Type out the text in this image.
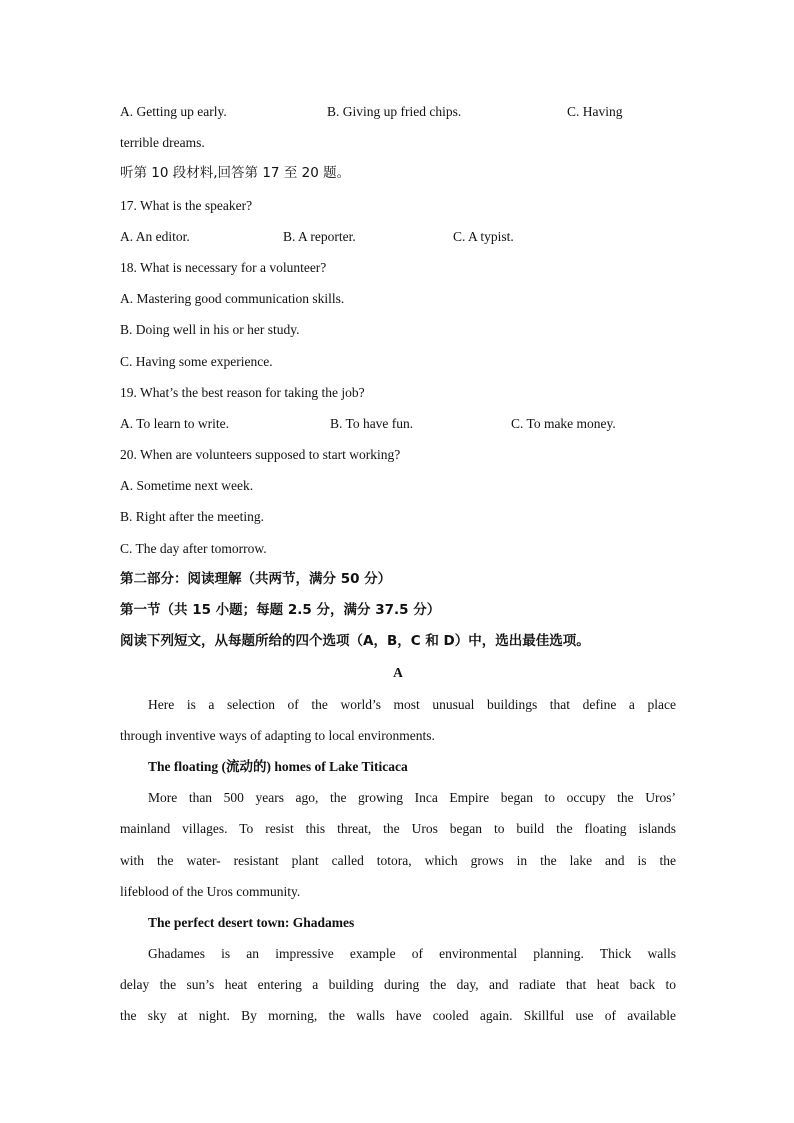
A. Getting up early.	B. Giving up fried chips.	C. Having
terrible dreams.
听第 10 段材料,回答第 17 至 20 题。
17. What is the speaker?
A. An editor.	B. A reporter.	C. A typist.
18. What is necessary for a volunteer?
A. Mastering good communication skills.
B. Doing well in his or her study.
C. Having some experience.
19. What’s the best reason for taking the job?
A. To learn to write.	B. To have fun.	C. To make money.
20. When are volunteers supposed to start working?
A. Sometime next week.
B. Right after the meeting.
C. The day after tomorrow.
第二部分：阅读理解（共两节，满分 50 分）
第一节（共 15 小题；每题 2.5 分，满分 37.5 分）
阅读下列短文，从每题所给的四个选项（A，B，C 和 D）中，选出最佳选项。
A
Here is a selection of the world’s most unusual buildings that define a place
through inventive ways of adapting to local environments.
The floating (流动的) homes of Lake Titicaca
More than 500 years ago, the growing Inca Empire began to occupy the Uros’
mainland villages. To resist this threat, the Uros began to build the floating islands
with the water- resistant plant called totora, which grows in the lake and is the
lifeblood of the Uros community.
The perfect desert town: Ghadames
Ghadames is an impressive example of environmental planning. Thick walls
delay the sun’s heat entering a building during the day, and radiate that heat back to
the sky at night. By morning, the walls have cooled again. Skillful use of available
